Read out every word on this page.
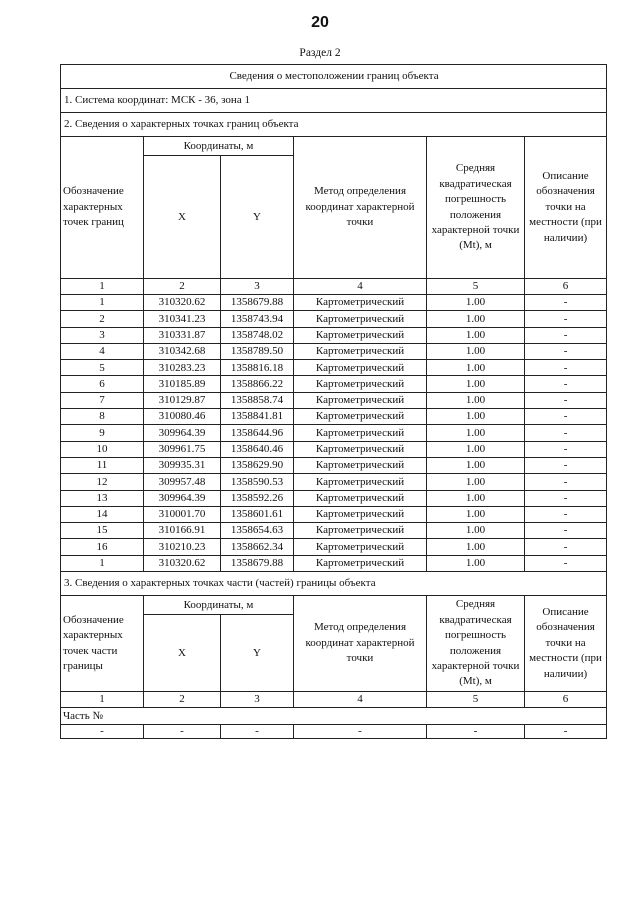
20
Раздел 2
Сведения о местоположении границ объекта					
1. Система координат: МСК - 36, зона 1					
2. Сведения о характерных точках границ объекта					
Обозначение характерных точек границ	Координаты, м		Метод определения координат характерной точки	Средняя квадратическая погрешность положения характерной точки (Mt), м	Описание обозначения точки на местности (при наличии)
	X	Y			
1	2	3	4	5	6
1	310320.62	1358679.88	Картометрический	1.00	-
2	310341.23	1358743.94	Картометрический	1.00	-
3	310331.87	1358748.02	Картометрический	1.00	-
4	310342.68	1358789.50	Картометрический	1.00	-
5	310283.23	1358816.18	Картометрический	1.00	-
6	310185.89	1358866.22	Картометрический	1.00	-
7	310129.87	1358858.74	Картометрический	1.00	-
8	310080.46	1358841.81	Картометрический	1.00	-
9	309964.39	1358644.96	Картометрический	1.00	-
10	309961.75	1358640.46	Картометрический	1.00	-
11	309935.31	1358629.90	Картометрический	1.00	-
12	309957.48	1358590.53	Картометрический	1.00	-
13	309964.39	1358592.26	Картометрический	1.00	-
14	310001.70	1358601.61	Картометрический	1.00	-
15	310166.91	1358654.63	Картометрический	1.00	-
16	310210.23	1358662.34	Картометрический	1.00	-
1	310320.62	1358679.88	Картометрический	1.00	-
3. Сведения о характерных точках части (частей) границы объекта					
Обозначение характерных точек части границы	Координаты, м		Метод определения координат характерной точки	Средняя квадратическая погрешность положения характерной точки (Mt), м	Описание обозначения точки на местности (при наличии)
	X	Y			
1	2	3	4	5	6
Часть №					
-	-	-	-	-	-
